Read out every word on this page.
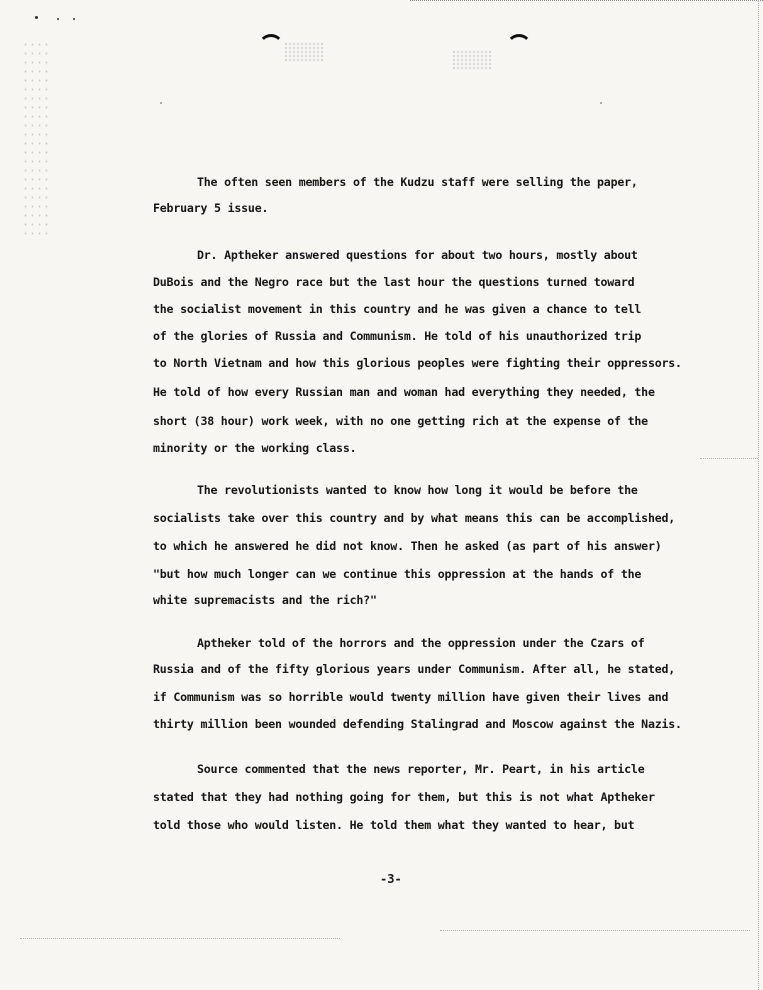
The often seen members of the Kudzu staff were selling the paper,
February 5 issue.
Dr. Aptheker answered questions for about two hours, mostly about
DuBois and the Negro race but the last hour the questions turned toward
the socialist movement in this country and he was given a chance to tell
of the glories of Russia and Communism. He told of his unauthorized trip
to North Vietnam and how this glorious peoples were fighting their oppressors.
He told of how every Russian man and woman had everything they needed, the
short (38 hour) work week, with no one getting rich at the expense of the
minority or the working class.
The revolutionists wanted to know how long it would be before the
socialists take over this country and by what means this can be accomplished,
to which he answered he did not know. Then he asked (as part of his answer)
"but how much longer can we continue this oppression at the hands of the
white supremacists and the rich?"
Aptheker told of the horrors and the oppression under the Czars of
Russia and of the fifty glorious years under Communism. After all, he stated,
if Communism was so horrible would twenty million have given their lives and
thirty million been wounded defending Stalingrad and Moscow against the Nazis.
Source commented that the news reporter, Mr. Peart, in his article
stated that they had nothing going for them, but this is not what Aptheker
told those who would listen. He told them what they wanted to hear, but
-3-
